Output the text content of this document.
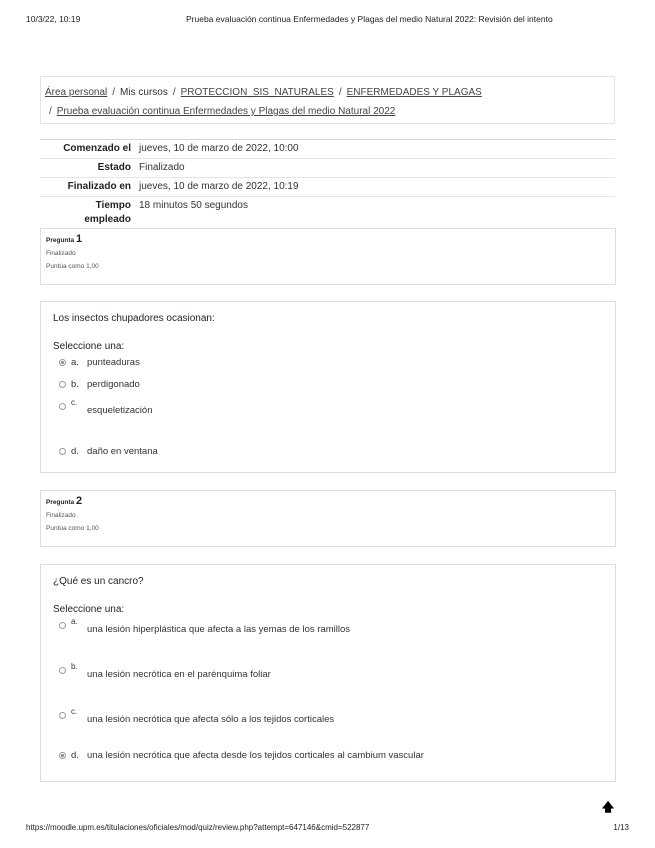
10/3/22, 10:19	Prueba evaluación continua Enfermedades y Plagas del medio Natural 2022: Revisión del intento
Área personal / Mis cursos / PROTECCION_SIS_NATURALES / ENFERMEDADES Y PLAGAS
/ Prueba evaluación continua Enfermedades y Plagas del medio Natural 2022
Comenzado el	jueves, 10 de marzo de 2022, 10:00
Estado	Finalizado
Finalizado en	jueves, 10 de marzo de 2022, 10:19
Tiempo empleado	18 minutos 50 segundos
Pregunta 1
Finalizado
Puntúa como 1,00
Los insectos chupadores ocasionan:
Seleccione una:
a. punteaduras
b. perdigonado
c.
esqueletización
d. daño en ventana
Pregunta 2
Finalizado
Puntúa como 1,00
¿Qué es un cancro?
Seleccione una:
a.
una lesión hiperplástica que afecta a las yemas de los ramillos
b.
una lesión necrótica en el parénquima foliar
c.
una lesión necrótica que afecta sólo a los tejidos corticales
d. una lesión necrótica que afecta desde los tejidos corticales al cambium vascular
🡅
https://moodle.upm.es/titulaciones/oficiales/mod/quiz/review.php?attempt=647146&cmid=522877	1/13
